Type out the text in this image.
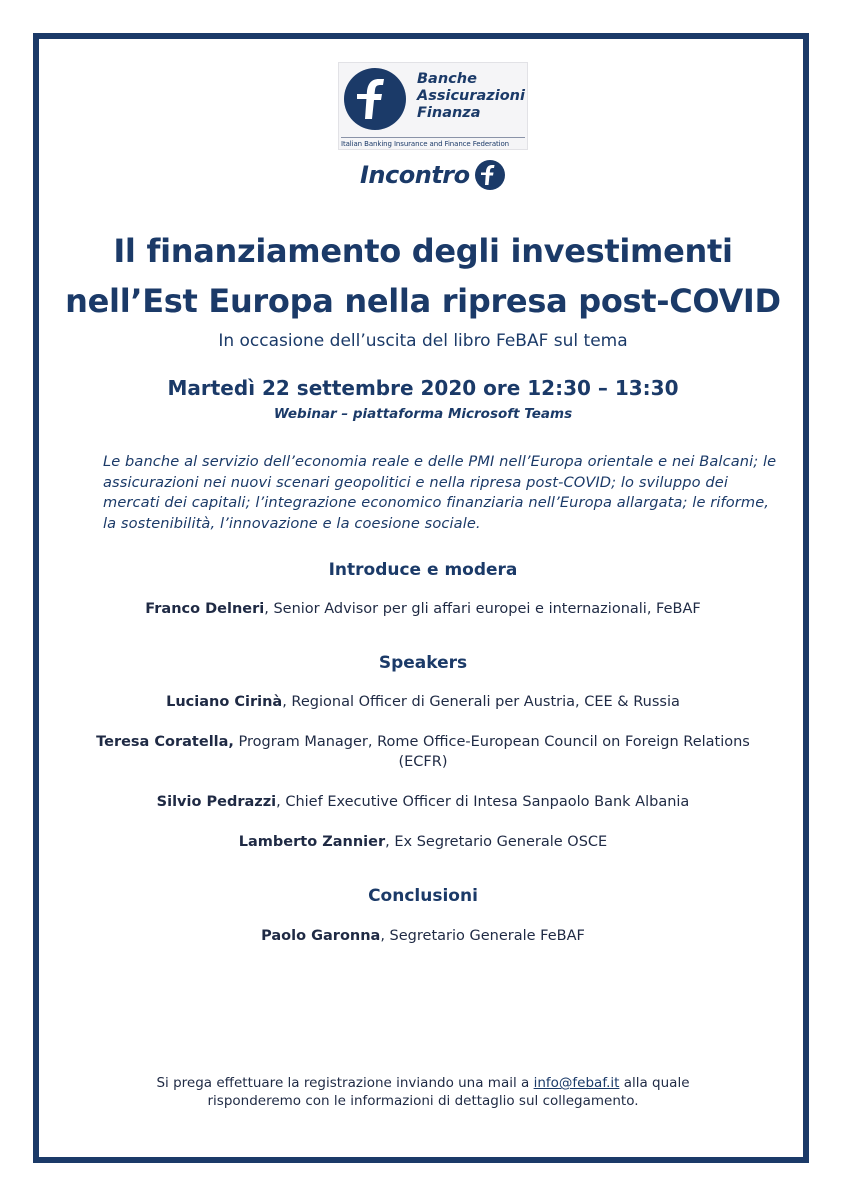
Banche
Assicurazioni
Finanza
Italian Banking Insurance and Finance Federation
Incontro
Il finanziamento degli investimenti
nell’Est Europa nella ripresa post-COVID
In occasione dell’uscita del libro FeBAF sul tema
Martedì 22 settembre 2020 ore 12:30 – 13:30
Webinar – piattaforma Microsoft Teams
Le banche al servizio dell’economia reale e delle PMI nell’Europa orientale e nei Balcani; le assicurazioni nei nuovi scenari geopolitici e nella ripresa post-COVID; lo sviluppo dei mercati dei capitali; l’integrazione economico finanziaria nell’Europa allargata; le riforme, la sostenibilità, l’innovazione e la coesione sociale.
Introduce e modera
Franco Delneri, Senior Advisor per gli affari europei e internazionali, FeBAF
Speakers
Luciano Cirinà, Regional Officer di Generali per Austria, CEE & Russia
Teresa Coratella, Program Manager, Rome Office-European Council on Foreign Relations
(ECFR)
Silvio Pedrazzi, Chief Executive Officer di Intesa Sanpaolo Bank Albania
Lamberto Zannier, Ex Segretario Generale OSCE
Conclusioni
Paolo Garonna, Segretario Generale FeBAF
Si prega effettuare la registrazione inviando una mail a info@febaf.it alla quale
risponderemo con le informazioni di dettaglio sul collegamento.
